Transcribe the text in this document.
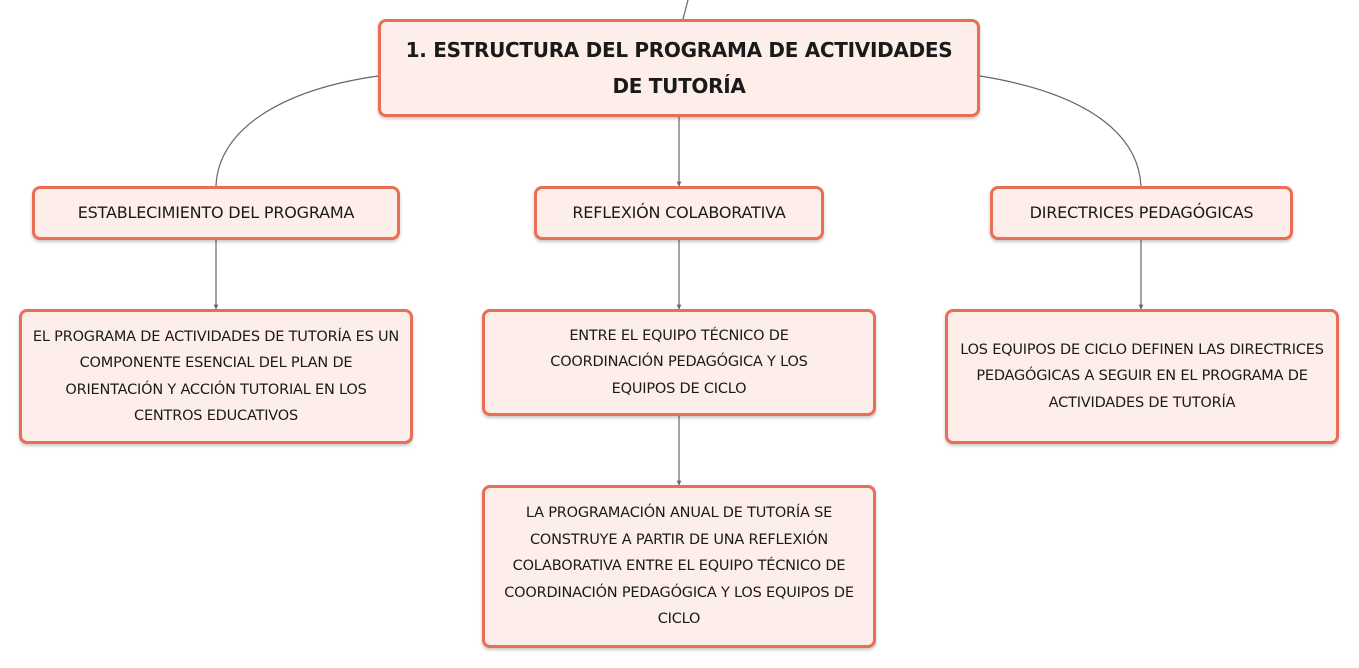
1. ESTRUCTURA DEL PROGRAMA DE ACTIVIDADES DE TUTORÍA
ESTABLECIMIENTO DEL PROGRAMA	REFLEXIÓN COLABORATIVA	DIRECTRICES PEDAGÓGICAS
EL PROGRAMA DE ACTIVIDADES DE TUTORÍA ES UN COMPONENTE ESENCIAL DEL PLAN DE ORIENTACIÓN Y ACCIÓN TUTORIAL EN LOS CENTROS EDUCATIVOS
ENTRE EL EQUIPO TÉCNICO DE COORDINACIÓN PEDAGÓGICA Y LOS EQUIPOS DE CICLO
LA PROGRAMACIÓN ANUAL DE TUTORÍA SE CONSTRUYE A PARTIR DE UNA REFLEXIÓN COLABORATIVA ENTRE EL EQUIPO TÉCNICO DE COORDINACIÓN PEDAGÓGICA Y LOS EQUIPOS DE CICLO
LOS EQUIPOS DE CICLO DEFINEN LAS DIRECTRICES PEDAGÓGICAS A SEGUIR EN EL PROGRAMA DE ACTIVIDADES DE TUTORÍA
